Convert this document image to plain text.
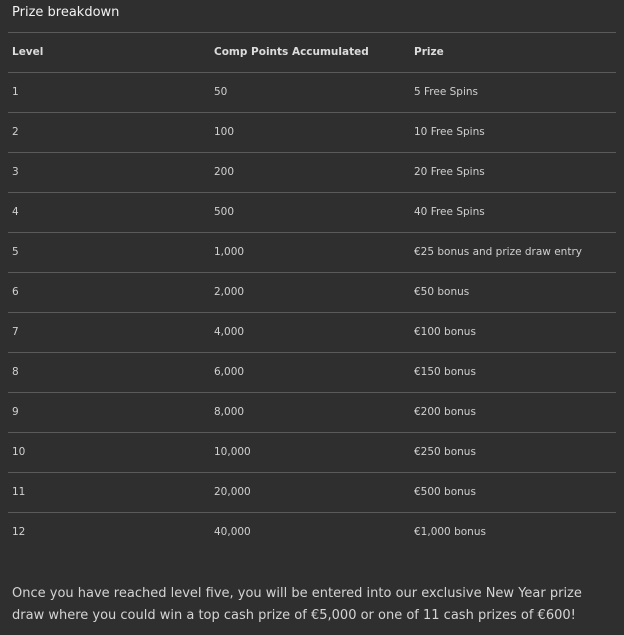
Prize breakdown
Level	Comp Points Accumulated	Prize
1	50	5 Free Spins
2	100	10 Free Spins
3	200	20 Free Spins
4	500	40 Free Spins
5	1,000	€25 bonus and prize draw entry
6	2,000	€50 bonus
7	4,000	€100 bonus
8	6,000	€150 bonus
9	8,000	€200 bonus
10	10,000	€250 bonus
11	20,000	€500 bonus
12	40,000	€1,000 bonus
Once you have reached level five, you will be entered into our exclusive New Year prize draw where you could win a top cash prize of €5,000 or one of 11 cash prizes of €600!
